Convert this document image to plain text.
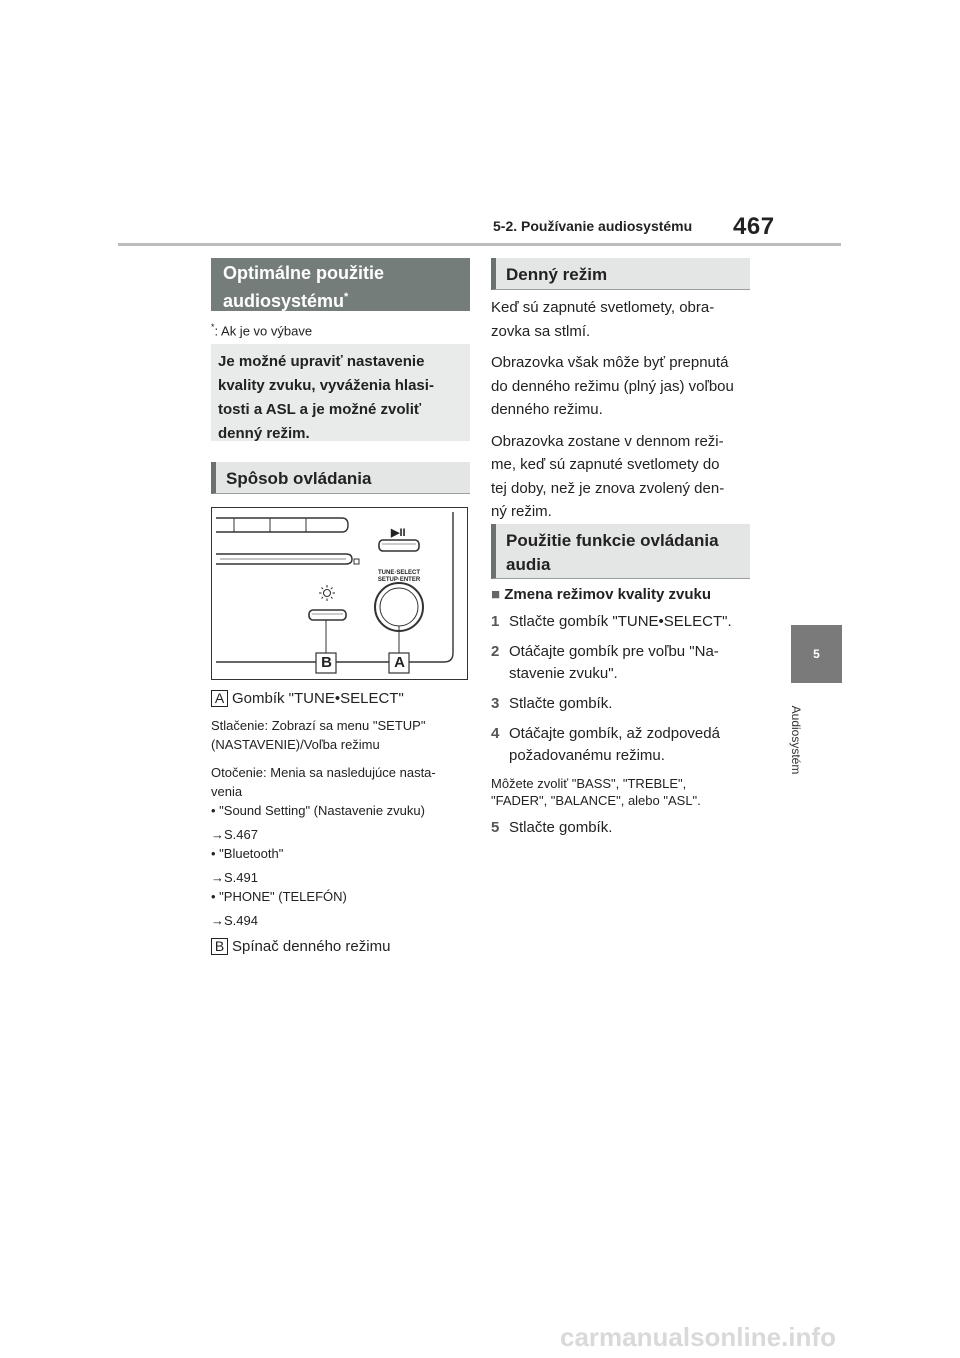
5-2. Používanie audiosystému 467
5
Audiosystém
Optimálne použitie
audiosystému*
*: Ak je vo výbave
Je možné upraviť nastavenie
kvality zvuku, vyváženia hlasi-
tosti a ASL a je možné zvoliť
denný režim.
Spôsob ovládania
▶II
TUNE·SELECT
SETUP·ENTER
B	A
A Gombík "TUNE•SELECT"
Stlačenie: Zobrazí sa menu "SETUP"
(NASTAVENIE)/Voľba režimu
Otočenie: Menia sa nasledujúce nasta-
venia
• "Sound Setting" (Nastavenie zvuku)
→S.467
• "Bluetooth"
→S.491
• "PHONE" (TELEFÓN)
→S.494
B Spínač denného režimu
Denný režim
Keď sú zapnuté svetlomety, obra-
zovka sa stlmí.
Obrazovka však môže byť prepnutá
do denného režimu (plný jas) voľbou
denného režimu.
Obrazovka zostane v dennom reži-
me, keď sú zapnuté svetlomety do
tej doby, než je znova zvolený den-
ný režim.
Použitie funkcie ovládania
audia
■ Zmena režimov kvality zvuku
1 Stlačte gombík "TUNE•SELECT".
2 Otáčajte gombík pre voľbu "Na-
stavenie zvuku".
3 Stlačte gombík.
4 Otáčajte gombík, až zodpovedá
požadovanému režimu.
Môžete zvoliť "BASS", "TREBLE",
"FADER", "BALANCE", alebo "ASL".
5 Stlačte gombík.
carmanualsonline.info
